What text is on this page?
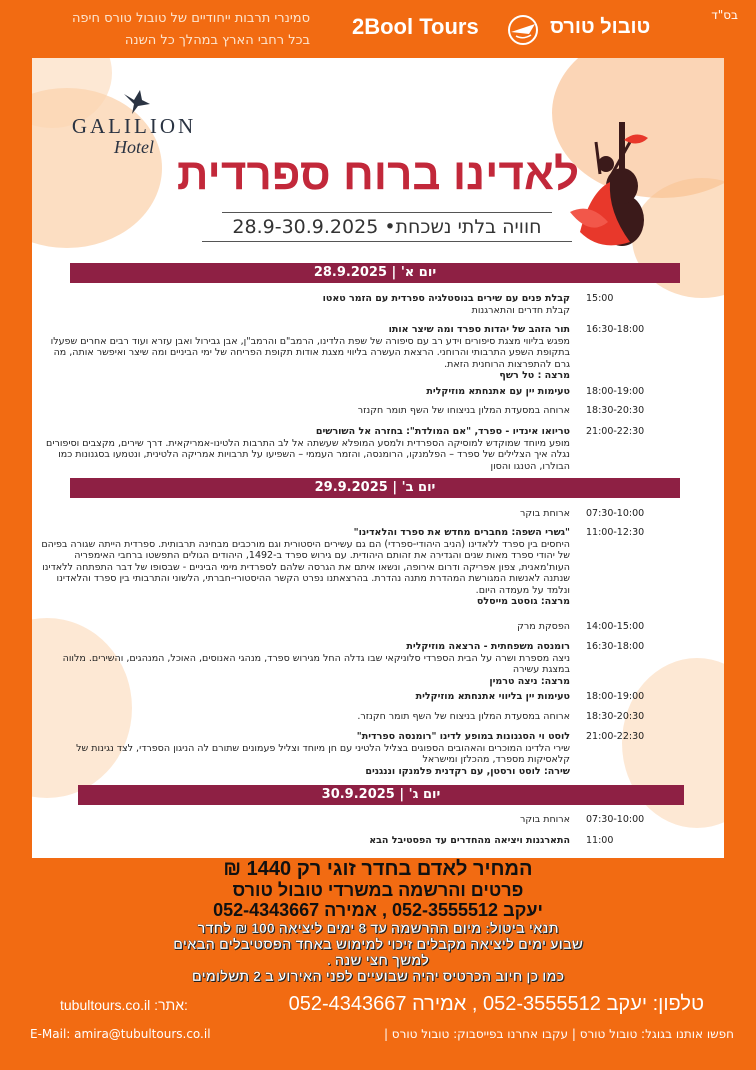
בס"ד
טובול טורס
2Bool Tours
סמינרי תרבות ייחודיים של טובול טורס חיפה
בכל רחבי הארץ במהלך כל השנה
GALILION
Hotel
לאדינו ברוח ספרדית
חוויה בלתי נשכחת• 28.9-30.9.2025
יום א' | 28.9.2025
15:00
קבלת פנים עם שירים בנוסטלגיה ספרדית עם הזמר טאטו
קבלת חדרים והתארגנות
16:30-18:00
תור הזהב של יהדות ספרד ומה שיצר אותו
מפגש בליווי מצגת סיפורים וידע רב עם סיפורה של שפת הלדינו, הרמב"ם והרמב"ן, אבן גבירול ואבן עזרא ועוד רבים אחרים שפעלו בתקופת השפע התרבותי והרוחני. הרצאת העשרה בליווי מצגת אודות תקופת הפריחה של ימי הביניים ומה שיצר ואיפשר אותה, מה גרם להתפרצות הרוחנית הזאת.
מרצה : טל רשף
18:00-19:00
טעימות יין עם אתנחתא מוזיקלית
18:30-20:30
ארוחה במסעדת המלון בניצוחו של השף תומר חקנזר
21:00-22:30
טריואו אינדיו - ספרד, "אם המולדת": בחזרה אל השורשים
מופע מיוחד שמוקדש למוסיקה הספרדית ולמסע המופלא שעשתה אל לב התרבות הלטינו-אמריקאית. דרך שירים, מקצבים וסיפורים נגלה איך הצלילים של ספרד – הפלמנקו, הרומנסה, והזמר העממי – השפיעו על תרבויות אמריקה הלטינית, ונטמעו בסגנונות כמו הבולרו, הטנגו והסון
יום ב' | 29.9.2025
07:30-10:00
ארוחת בוקר
11:00-12:30
"גשרי השפה: מחברים מחדש את ספרד והלאדינו"
היחסים בין ספרד ללאדינו (הניב היהודי-ספרדי) הם גם עשירים היסטורית וגם מורכבים מבחינה תרבותית. ספרדית הייתה שגורה בפיהם של יהודי ספרד מאות שנים והגדירה את זהותם היהודית. עם גירוש ספרד ב-1492, היהודים הגולים התפשטו ברחבי האימפריה העות'מאנית, צפון אפריקה ודרום אירופה, ונשאו איתם את הגרסה שלהם לספרדית מימי הביניים - שבסופו של דבר התפתחה ללאדינו שנתנה לאנשות המגורשת המהדרת מתנה נהדרת. בהרצאתנו נפרט הקשר ההיסטורי-חברתי, הלשוני והתרבותי בין ספרד והלאדינו ונלמד על מעמדה היום.
מרצה: גוסטב מייסלס
14:00-15:00
הפסקת מרק
16:30-18:00
רומנסה משפחתית - הרצאה מוזיקלית
ניצה מספרת ושרה על הבית הספרדי סלוניקאי שבו גדלה החל מגירוש ספרד, מנהגי האנוסים, האוכל, המנהגים, והשירים. מלווה במצגת עשירה
מרצה: ניצה טרמין
18:00-19:00
טעימות יין בליווי אתנחתא מוזיקלית
18:30-20:30
ארוחה במסעדת המלון בניצוח של השף תומר חקנזר.
21:00-22:30
לוסט וי הסגנונות במופע לדינו "רומנסה ספרדית"
שירי הלדינו המוכרים והאהובים הספוגים בצליל הלטיני עם חן מיוחד וצליל פעמונים שתורם לה הניגון הספרדי, לצד נגינות של קלאסיקות מספרד, מהכלזן ומישראל
שירה: לוסט ורסטן, עם רקדנית פלמנקו וננגנים
יום ג' | 30.9.2025
07:30-10:00
ארוחת בוקר
11:00
התארגנות ויציאה מהחדרים עד הפסטיבל הבא
המחיר לאדם בחדר זוגי רק 1440 ₪
פרטים והרשמה במשרדי טובול טורס
יעקב 052-3555512 , אמירה 052-4343667
תנאי ביטול: מיום ההרשמה עד 8 ימים ליציאה 100 ₪ לחדר
שבוע ימים ליציאה מקבלים זיכוי למימוש באחד הפסטיבלים הבאים
למשך חצי שנה .
כמו כן חיוב הכרטיס יהיה שבועיים לפני האירוע ב 2 תשלומים
טלפון: יעקב 052-3555512 , אמירה 052-4343667
tubultours.co.il :אתר:
חפשו אותנו בגוגל: טובול טורס | עקבו אחרנו בפייסבוק: טובול טורס |
E-Mail: amira@tubultours.co.il
